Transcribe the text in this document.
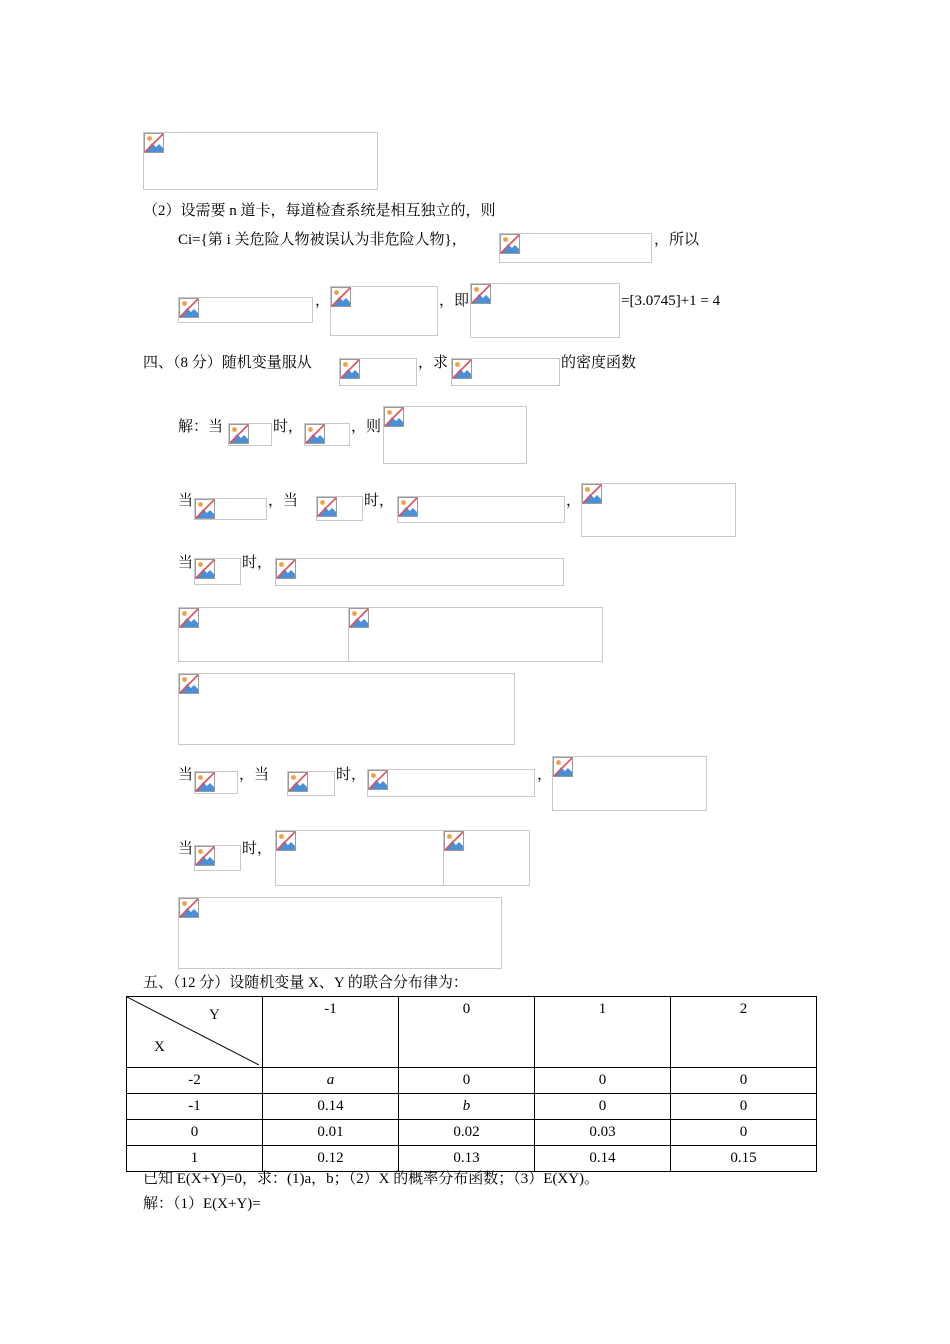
（2）设需要 n 道卡，每道检查系统是相互独立的，则
Ci={第 i 关危险人物被误认为非危险人物}，	，所以
，	，即	=[3.0745]+1 = 4
四、（8 分）随机变量服从	，求	的密度函数
解：当	时，	，则
当	，当	时，	，
当	时，
当	，当	时，	，
当	时，
五、（12 分）设随机变量 X、Y 的联合分布律为：
Y
X	-1	0	1	2
-2	a	0	0	0
-1	0.14	b	0	0
0	0.01	0.02	0.03	0
1	0.12	0.13	0.14	0.15
已知 E(X+Y)=0，求：(1)a，b；（2）X 的概率分布函数；（3）E(XY)。
解：（1）E(X+Y)=
